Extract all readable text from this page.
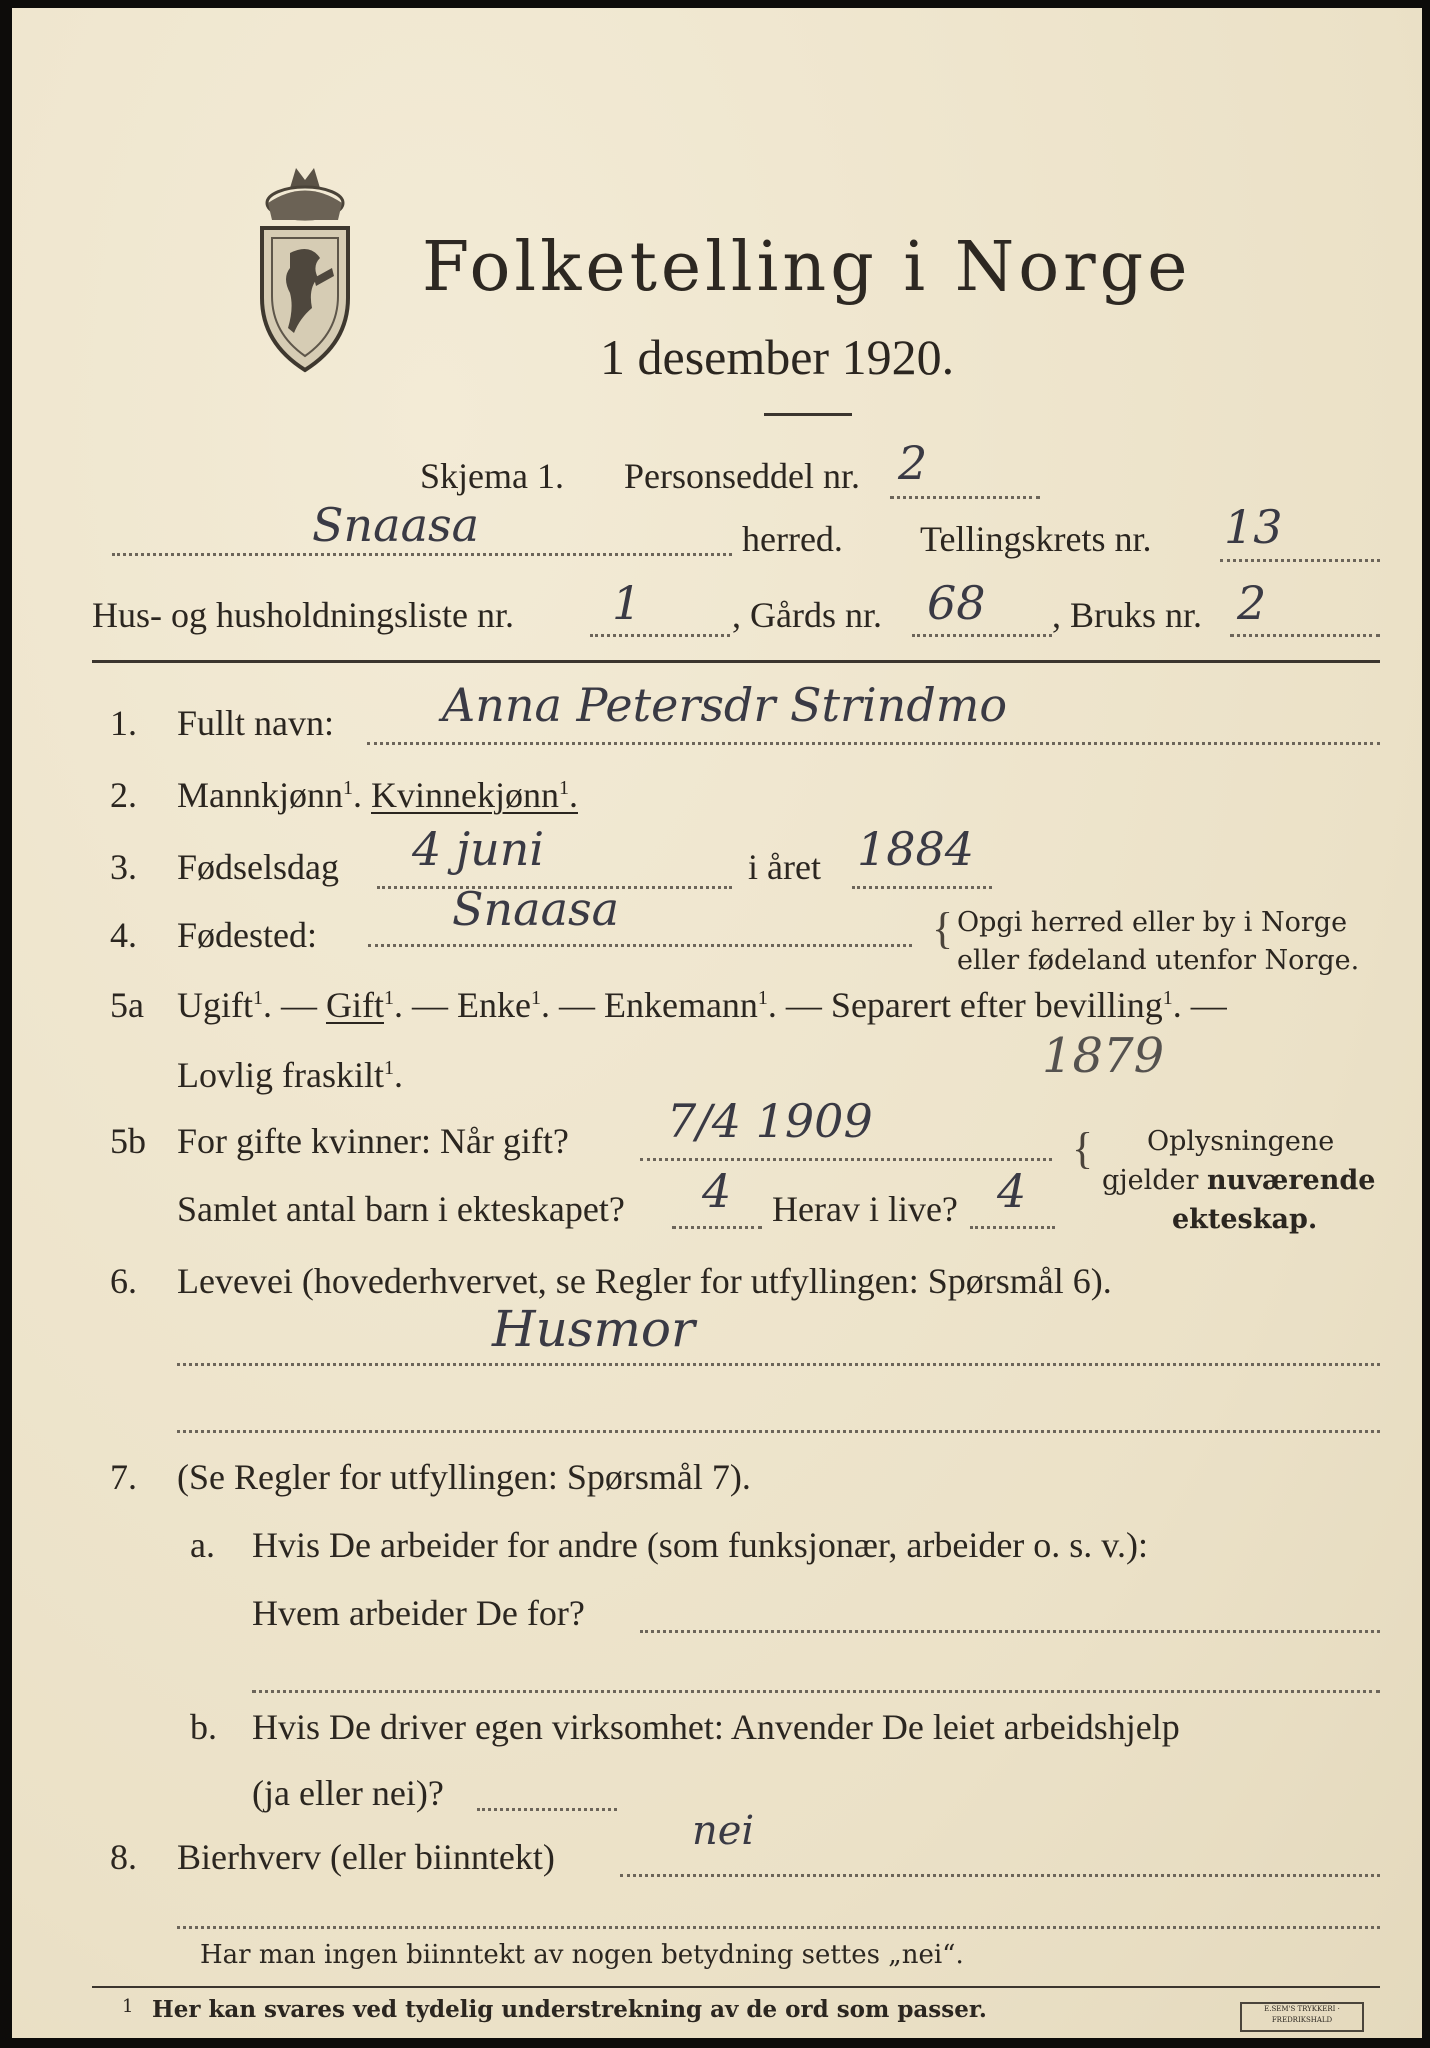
Folketelling i Norge
1 desember 1920.
Skjema 1. Personseddel nr. 2
Snaasa	herred. Tellingskrets nr. 13
Hus- og husholdningsliste nr. 1	, Gårds nr. 68 , Bruks nr. 2
1. Fullt navn: Anna Petersdr Strindmo
2. Mannkjønn$^1$. Kvinnekjønn$^1$.
3. Fødselsdag 4 juni	i året 1884
4. Fødested:	Snaasa	{ Opgi herred eller by i Norge
eller fødeland utenfor Norge.
5a Ugift$^1$. — Gift$^1$. — Enke$^1$. — Enkemann$^1$. — Separert efter bevilling$^1$. —
Lovlig fraskilt$^1$.	1879
5b For gifte kvinner: Når gift? 7/4 1909
Samlet antal barn i ekteskapet? 4 Herav i live? 4
{ Oplysningene
gjelder nuværende
ekteskap.
6. Levevei (hovederhvervet, se Regler for utfyllingen: Spørsmål 6).
Husmor
7. (Se Regler for utfyllingen: Spørsmål 7).
a. Hvis De arbeider for andre (som funksjonær, arbeider o. s. v.):
Hvem arbeider De for?
b. Hvis De driver egen virksomhet: Anvender De leiet arbeidshjelp
(ja eller nei)?
8. Bierhverv (eller biinntekt)
nei
Har man ingen biinntekt av nogen betydning settes „nei“.
1 Her kan svares ved tydelig understrekning av de ord som passer.	E.SEM'S TRYKKERI · FREDRIKSHALD
